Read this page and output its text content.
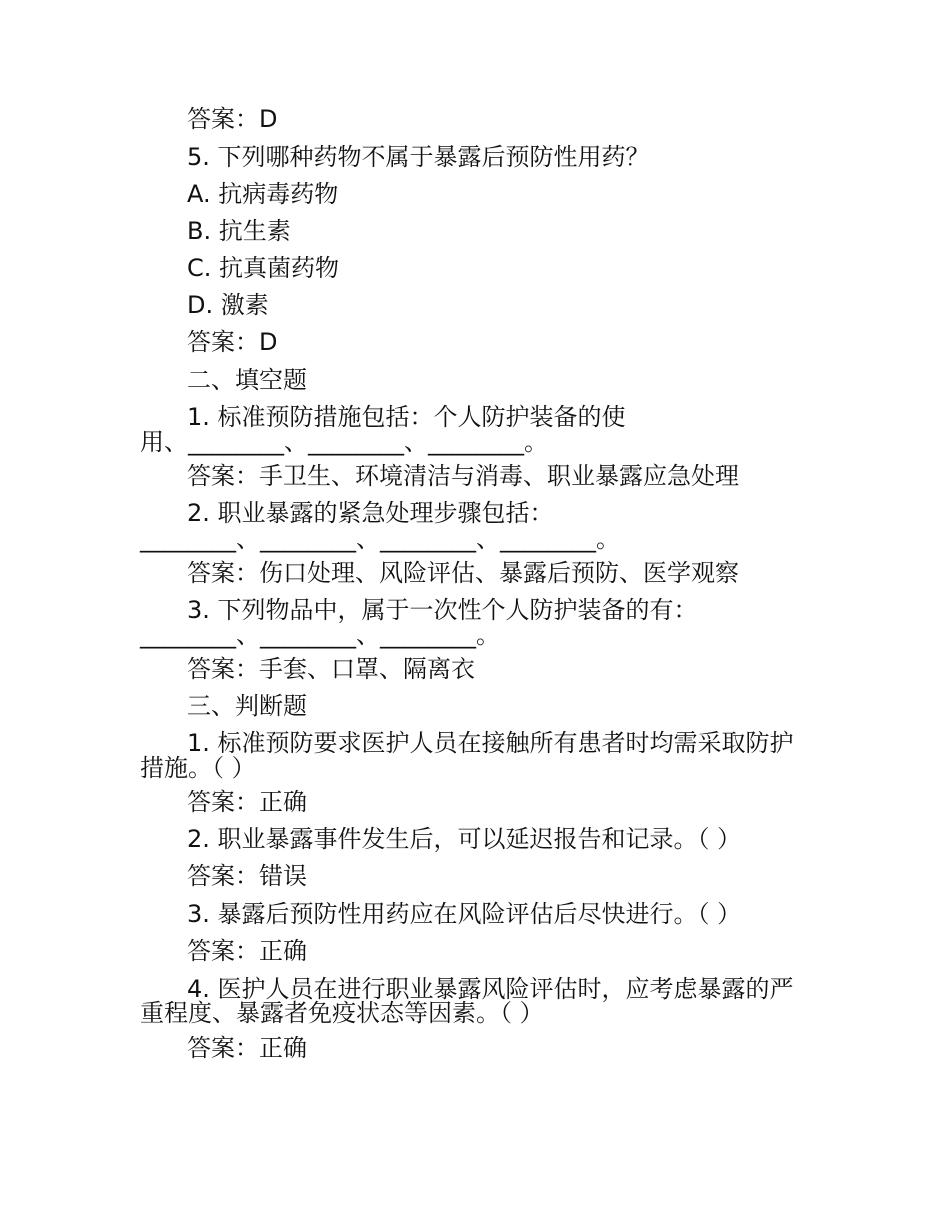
答案：D
5. 下列哪种药物不属于暴露后预防性用药？
A. 抗病毒药物
B. 抗生素
C. 抗真菌药物
D. 激素
答案：D
二、填空题
1. 标准预防措施包括：个人防护装备的使
用、________、________、________。
答案：手卫生、环境清洁与消毒、职业暴露应急处理
2. 职业暴露的紧急处理步骤包括：
________、________、________、________。
答案：伤口处理、风险评估、暴露后预防、医学观察
3. 下列物品中，属于一次性个人防护装备的有：
________、________、________。
答案：手套、口罩、隔离衣
三、判断题
1. 标准预防要求医护人员在接触所有患者时均需采取防护
措施。（ ）
答案：正确
2. 职业暴露事件发生后，可以延迟报告和记录。（ ）
答案：错误
3. 暴露后预防性用药应在风险评估后尽快进行。（ ）
答案：正确
4. 医护人员在进行职业暴露风险评估时，应考虑暴露的严
重程度、暴露者免疫状态等因素。（ ）
答案：正确
